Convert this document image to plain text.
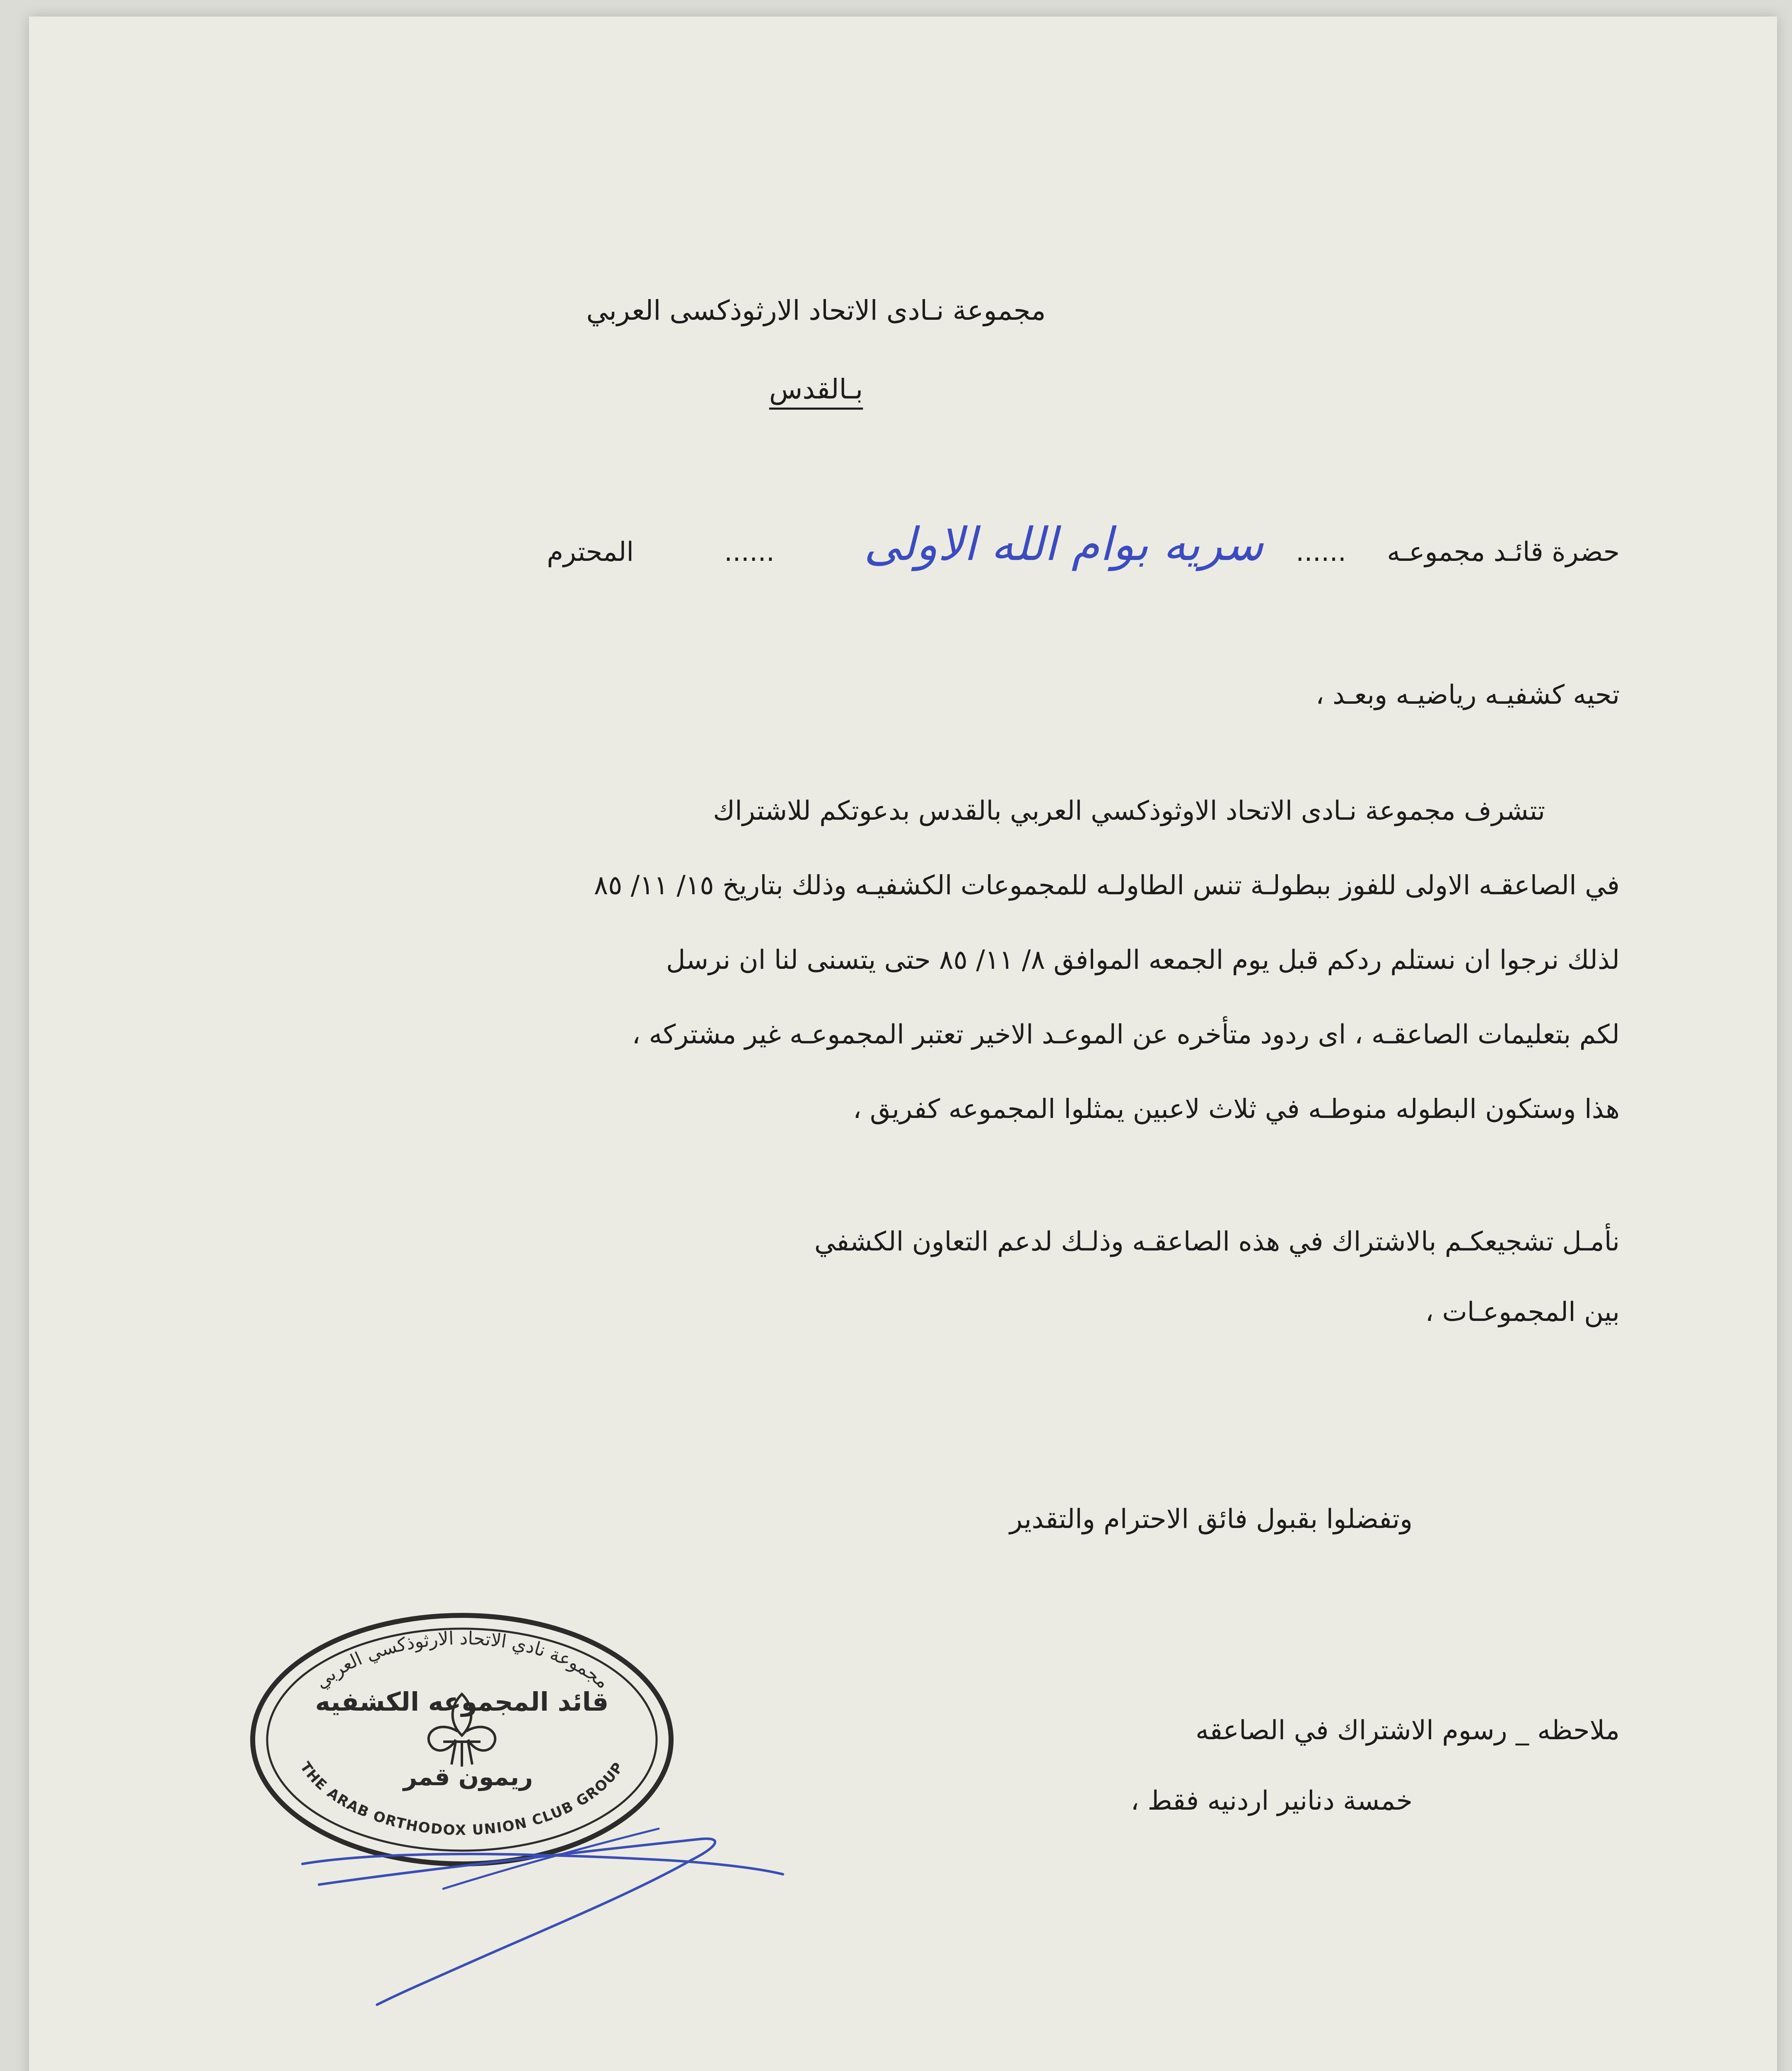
مجموعة نـادى الاتحاد الارثوذكسى العربي
بـالقدس
حضرة قائـد مجموعـه
......
سريه بوام الله الاولى
......
المحترم
تحيه كشفيـه رياضيـه وبعـد ،
تتشرف مجموعة نـادى الاتحاد الاوثوذكسي العربي بالقدس بدعوتكم للاشتراك
في الصاعقـه الاولى للفوز ببطولـة تنس الطاولـه للمجموعات الكشفيـه وذلك بتاريخ ١٥/ ١١/ ٨٥
لذلك نرجوا ان نستلم ردكم قبل يوم الجمعه الموافق ٨/ ١١/ ٨٥ حتى يتسنى لنا ان نرسل
لكم بتعليمات الصاعقـه ، اى ردود متأخره عن الموعـد الاخير تعتبر المجموعـه غير مشتركه ،
هذا وستكون البطوله منوطـه في ثلاث لاعبين يمثلوا المجموعه كفريق ،
نأمـل تشجيعكـم بالاشتراك في هذه الصاعقـه وذلـك لدعم التعاون الكشفي
بين المجموعـات ،
وتفضلوا بقبول فائق الاحترام والتقدير
ملاحظه _ رسوم الاشتراك في الصاعقه
خمسة دنانير اردنيه فقط ،
مجموعة نادي الاتحاد الارثوذكسي العربي
قائد المجموعه الكشفيه
ريمون قمر
THE ARAB ORTHODOX UNION CLUB GROUP
